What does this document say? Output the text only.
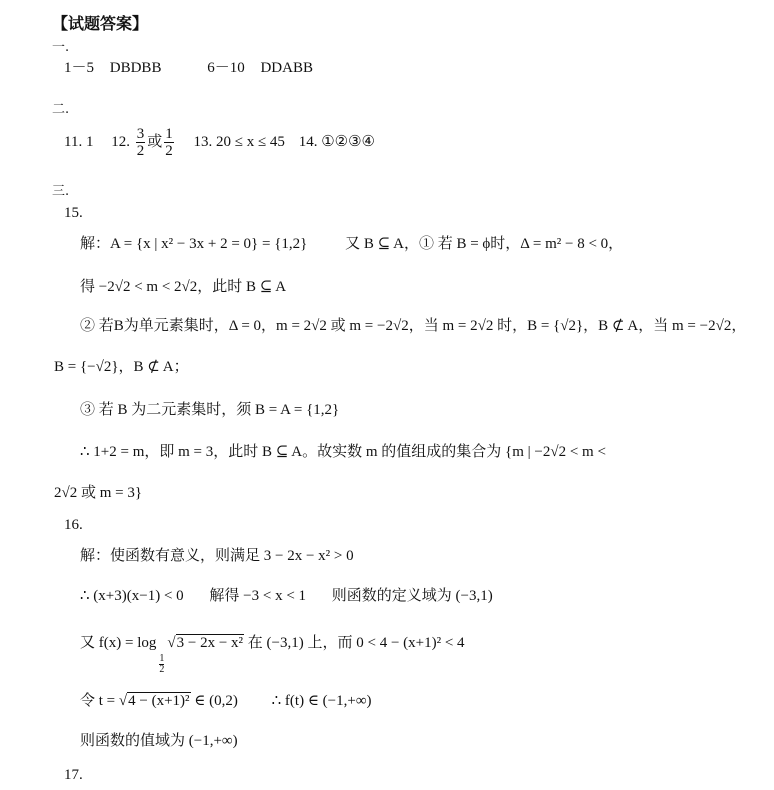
【试题答案】
一.
1－5 DBDBB	6－10 DDABB
二.
11. 1 12. $\frac{3}{2}$ 或 $\frac{1}{2} 13$. 20 ≤ x ≤ 45 14. ①②③④
三.
15.
解：A = {x | x² − 3x + 2 = 0} = {1,2}	又 B ⊆ A，① 若 B = ϕ时，Δ = m² − 8 < 0，
得 −2√2 < m < 2√2，此时 B ⊆ A
② 若B为单元素集时，Δ = 0，m = 2√2 或 m = −2√2，当 m = 2√2 时，B = {√2}，B ⊄ A，当 m = −2√2，
B = {−√2}，B ⊄ A；
③ 若 B 为二元素集时，须 B = A = {1,2}
∴ 1+2 = m，即 m = 3，此时 B ⊆ A。故实数 m 的值组成的集合为 {m | −2√2 < m <
2√2 或 m = 3}
16.
解：使函数有意义，则满足 3 − 2x − x² > 0
∴ (x+3)(x−1) < 0 解得 −3 < x < 1 则函数的定义域为 (−3,1)
又 f(x) = log
$\frac{1}{2}$
√3 − 2x − x² 在 (−3,1) 上，而 0 < 4 − (x+1)² < 4
令 t = √4 − (x+1)² ∈ (0,2) ∴ f(t) ∈ (−1,+∞)
则函数的值域为 (−1,+∞)
17.
